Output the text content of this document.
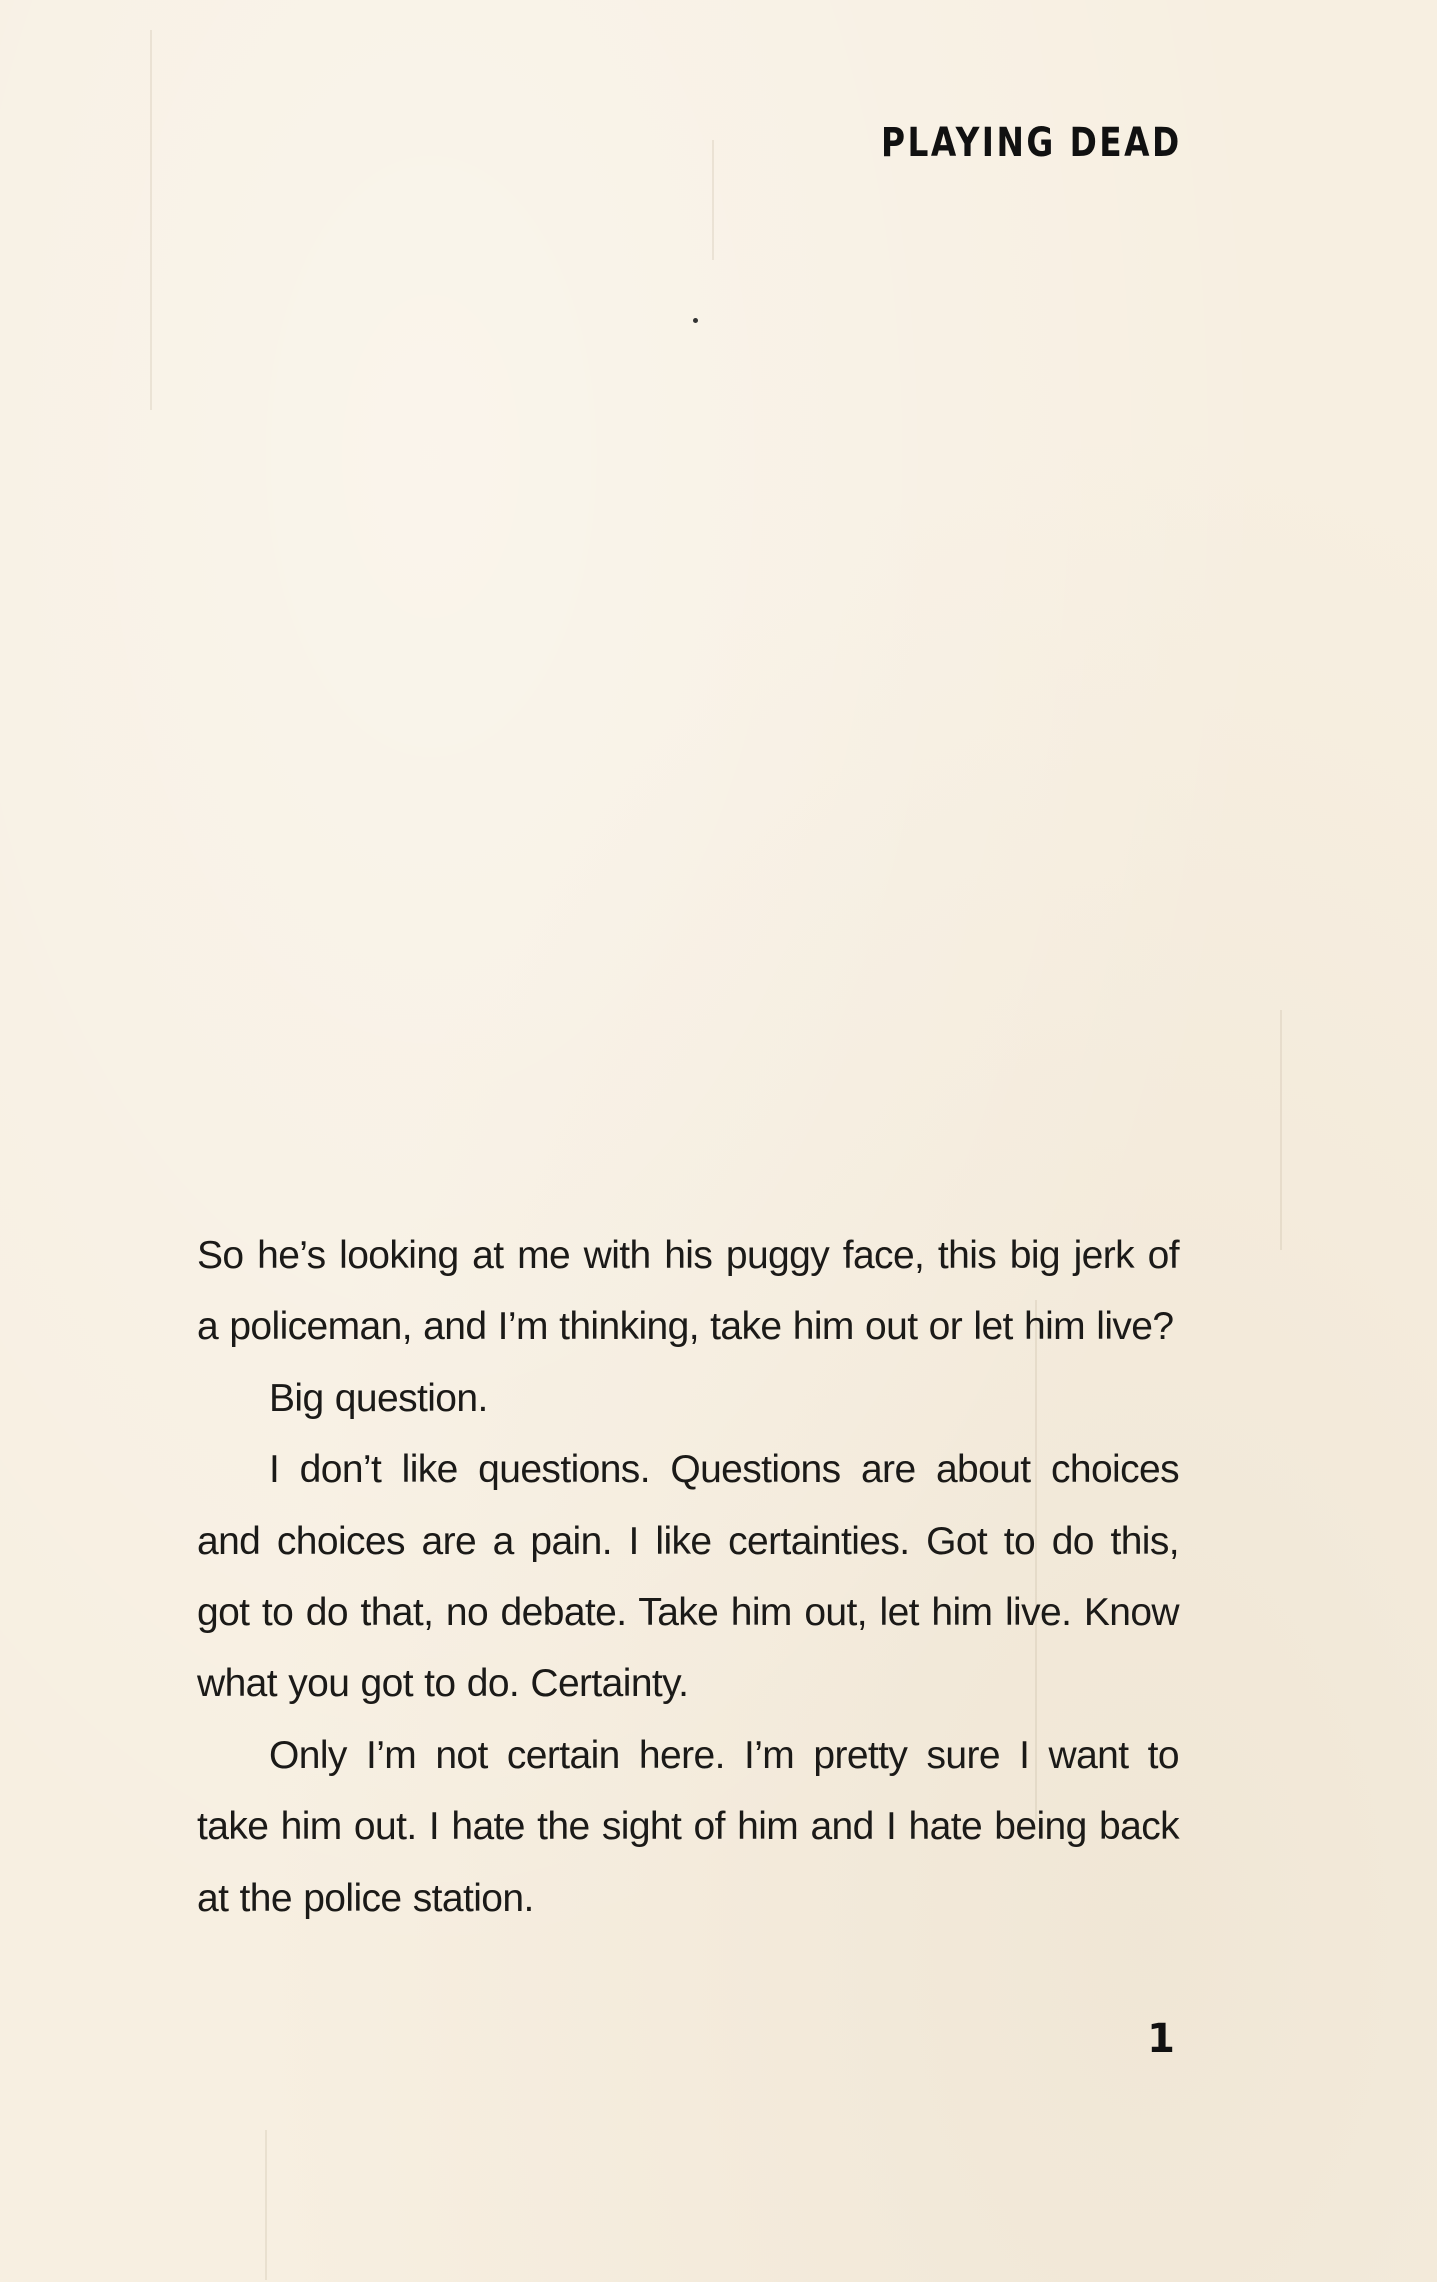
PLAYING DEAD

So he’s looking at me with his puggy face, this big jerk of a policeman, and I’m thinking, take him out or let him live?

Big question.

I don’t like questions. Questions are about choices and choices are a pain. I like certainties. Got to do this, got to do that, no debate. Take him out, let him live. Know what you got to do. Certainty.

Only I’m not certain here. I’m pretty sure I want to take him out. I hate the sight of him and I hate being back at the police station.

1
